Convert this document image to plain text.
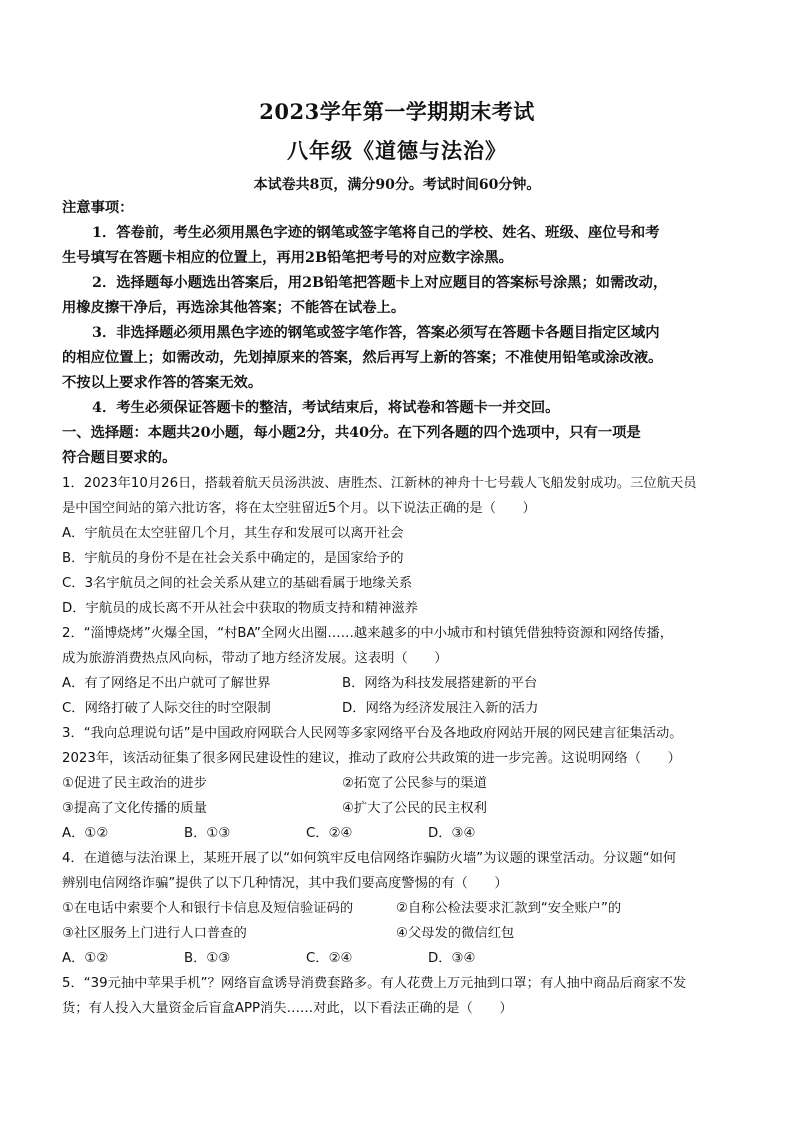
2023学年第一学期期末考试
八年级《道德与法治》
本试卷共8页，满分90分。考试时间60分钟。
注意事项：
1．答卷前，考生必须用黑色字迹的钢笔或签字笔将自己的学校、姓名、班级、座位号和考
生号填写在答题卡相应的位置上，再用2B铅笔把考号的对应数字涂黑。
2．选择题每小题选出答案后，用2B铅笔把答题卡上对应题目的答案标号涂黑；如需改动，
用橡皮擦干净后，再选涂其他答案；不能答在试卷上。
3．非选择题必须用黑色字迹的钢笔或签字笔作答，答案必须写在答题卡各题目指定区域内
的相应位置上；如需改动，先划掉原来的答案，然后再写上新的答案；不准使用铅笔或涂改液。
不按以上要求作答的答案无效。
4．考生必须保证答题卡的整洁，考试结束后，将试卷和答题卡一并交回。
一、选择题：本题共20小题，每小题2分，共40分。在下列各题的四个选项中，只有一项是
符合题目要求的。
1．2023年10月26日，搭载着航天员汤洪波、唐胜杰、江新林的神舟十七号载人飞船发射成功。三位航天员
是中国空间站的第六批访客，将在太空驻留近5个月。以下说法正确的是（　　）
A．宇航员在太空驻留几个月，其生存和发展可以离开社会
B．宇航员的身份不是在社会关系中确定的，是国家给予的
C．3名宇航员之间的社会关系从建立的基础看属于地缘关系
D．宇航员的成长离不开从社会中获取的物质支持和精神滋养
2．“淄博烧烤”火爆全国，“村BA”全网火出圈……越来越多的中小城市和村镇凭借独特资源和网络传播，
成为旅游消费热点风向标，带动了地方经济发展。这表明（　　）
A．有了网络足不出户就可了解世界	B．网络为科技发展搭建新的平台
C．网络打破了人际交往的时空限制	D．网络为经济发展注入新的活力
3．“我向总理说句话”是中国政府网联合人民网等多家网络平台及各地政府网站开展的网民建言征集活动。
2023年，该活动征集了很多网民建设性的建议，推动了政府公共政策的进一步完善。这说明网络（　　）
①促进了民主政治的进步	②拓宽了公民参与的渠道
③提高了文化传播的质量	④扩大了公民的民主权利
A．①②	B．①③	C．②④	D．③④
4．在道德与法治课上，某班开展了以“如何筑牢反电信网络诈骗防火墙”为议题的课堂活动。分议题“如何
辨别电信网络诈骗”提供了以下几种情况，其中我们要高度警惕的有（　　）
①在电话中索要个人和银行卡信息及短信验证码的	②自称公检法要求汇款到“安全账户”的
③社区服务上门进行人口普查的	④父母发的微信红包
A．①②	B．①③	C．②④	D．③④
5．“39元抽中苹果手机”？网络盲盒诱导消费套路多。有人花费上万元抽到口罩；有人抽中商品后商家不发
货；有人投入大量资金后盲盒APP消失……对此，以下看法正确的是（　　）
